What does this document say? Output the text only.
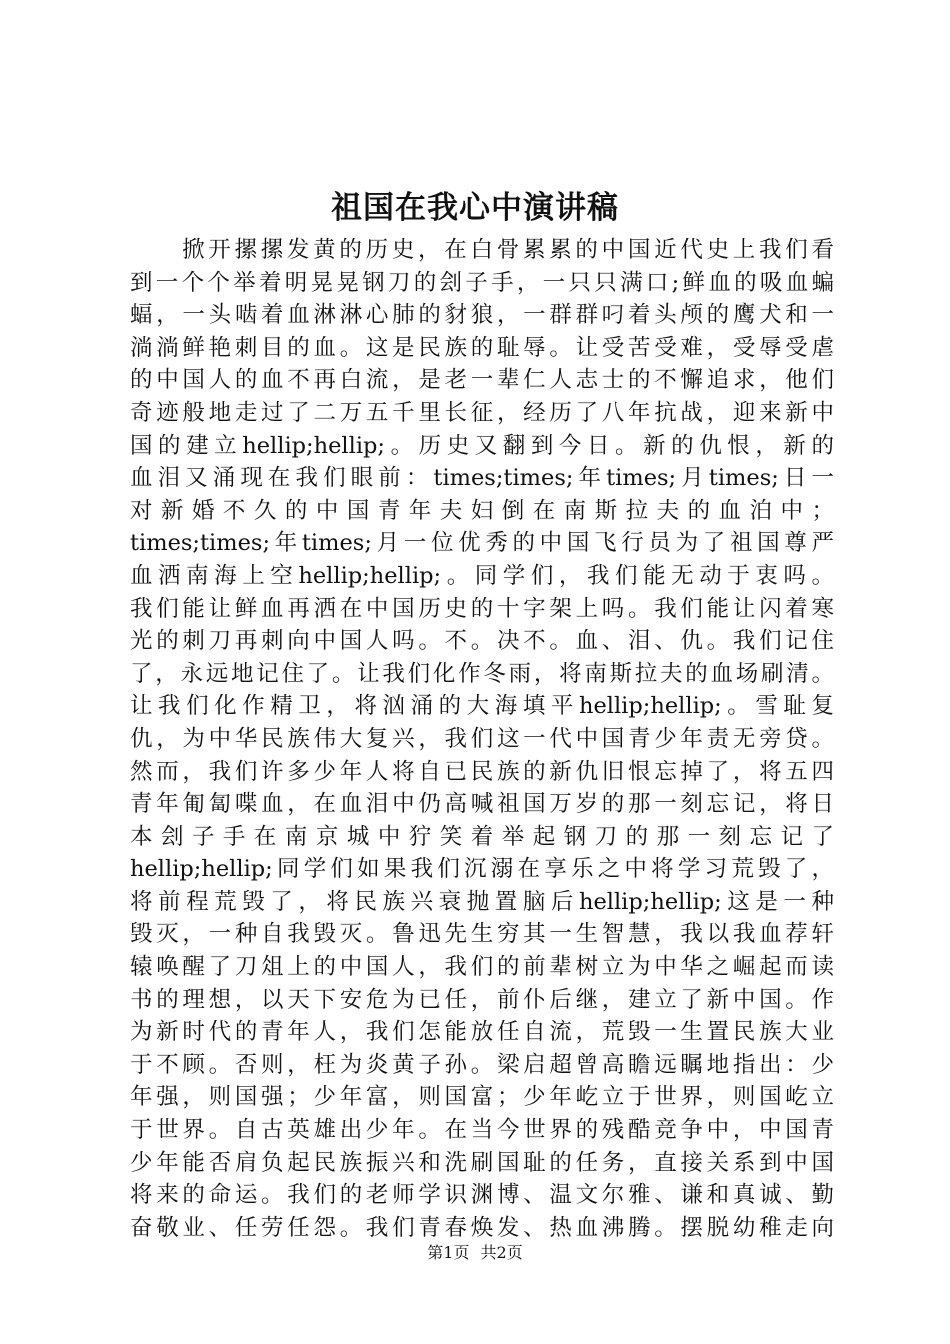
祖国在我心中演讲稿
掀开摞摞发黄的历史，在白骨累累的中国近代史上我们看
到一个个举着明晃晃钢刀的刽子手，一只只满口;鲜血的吸血蝙
蝠，一头啮着血淋淋心肺的豺狼，一群群叼着头颅的鹰犬和一
淌淌鲜艳刺目的血。这是民族的耻辱。让受苦受难，受辱受虐
的中国人的血不再白流，是老一辈仁人志士的不懈追求，他们
奇迹般地走过了二万五千里长征，经历了八年抗战，迎来新中
国的建立hellip;hellip;。历史又翻到今日。新的仇恨，新的
血泪又涌现在我们眼前：times;times;年times;月times;日一
对新婚不久的中国青年夫妇倒在南斯拉夫的血泊中；
times;times;年times;月一位优秀的中国飞行员为了祖国尊严
血洒南海上空hellip;hellip;。同学们，我们能无动于衷吗。
我们能让鲜血再洒在中国历史的十字架上吗。我们能让闪着寒
光的刺刀再刺向中国人吗。不。决不。血、泪、仇。我们记住
了，永远地记住了。让我们化作冬雨，将南斯拉夫的血场刷清。
让我们化作精卫，将汹涌的大海填平hellip;hellip;。雪耻复
仇，为中华民族伟大复兴，我们这一代中国青少年责无旁贷。
然而，我们许多少年人将自已民族的新仇旧恨忘掉了，将五四
青年匍匐喋血，在血泪中仍高喊祖国万岁的那一刻忘记，将日
本刽子手在南京城中狞笑着举起钢刀的那一刻忘记了
hellip;hellip;同学们如果我们沉溺在享乐之中将学习荒毁了，
将前程荒毁了，将民族兴衰抛置脑后hellip;hellip;这是一种
毁灭，一种自我毁灭。鲁迅先生穷其一生智慧，我以我血荐轩
辕唤醒了刀俎上的中国人，我们的前辈树立为中华之崛起而读
书的理想，以天下安危为已任，前仆后继，建立了新中国。作
为新时代的青年人，我们怎能放任自流，荒毁一生置民族大业
于不顾。否则，枉为炎黄子孙。梁启超曾高瞻远瞩地指出：少
年强，则国强；少年富，则国富；少年屹立于世界，则国屹立
于世界。自古英雄出少年。在当今世界的残酷竞争中，中国青
少年能否肩负起民族振兴和洗刷国耻的任务，直接关系到中国
将来的命运。我们的老师学识渊博、温文尔雅、谦和真诚、勤
奋敬业、任劳任怨。我们青春焕发、热血沸腾。摆脱幼稚走向
第1页 共2页
